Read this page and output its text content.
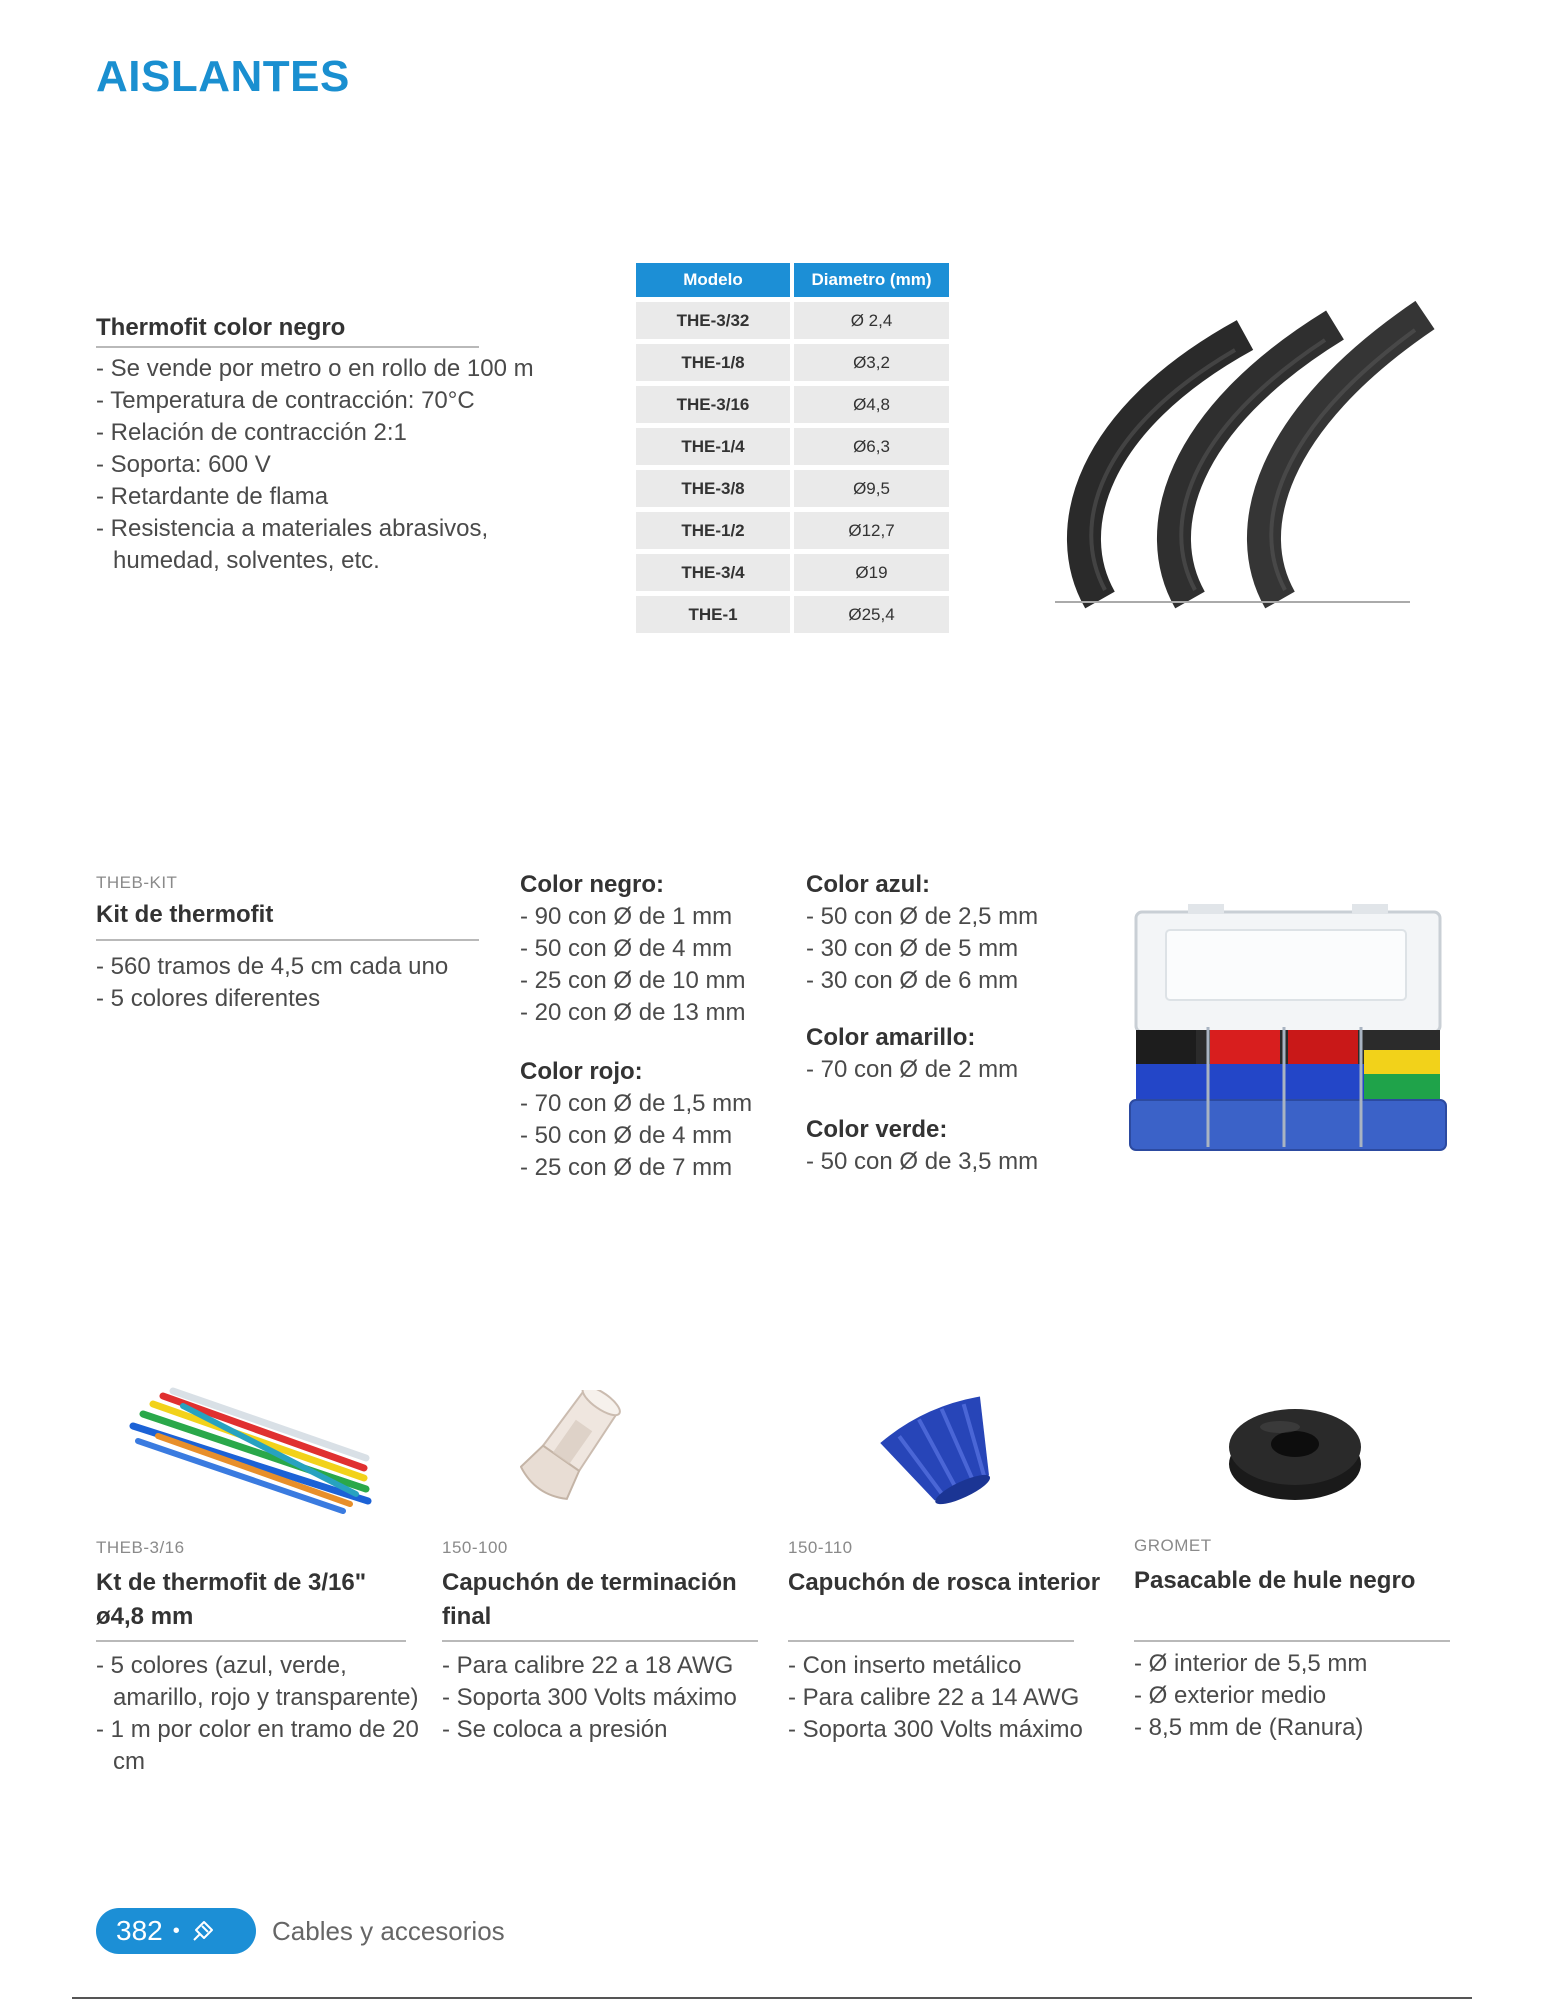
AISLANTES
Thermofit color negro
- Se vende por metro o en rollo de 100 m
- Temperatura de contracción: 70°C
- Relación de contracción 2:1
- Soporta: 600 V
- Retardante de flama
- Resistencia a materiales abrasivos, humedad, solventes, etc.
Modelo	Diametro (mm)
THE-3/32	Ø 2,4
THE-1/8	Ø3,2
THE-3/16	Ø4,8
THE-1/4	Ø6,3
THE-3/8	Ø9,5
THE-1/2	Ø12,7
THE-3/4	Ø19
THE-1	Ø25,4
THEB-KIT
Kit de thermofit
- 560 tramos de 4,5 cm cada uno
- 5 colores diferentes
Color negro:
- 90 con Ø de 1 mm
- 50 con Ø de 4 mm
- 25 con Ø de 10 mm
- 20 con Ø de 13 mm
Color rojo:
- 70 con Ø de 1,5 mm
- 50 con Ø de 4 mm
- 25 con Ø de 7 mm
Color azul:
- 50 con Ø de 2,5 mm
- 30 con Ø de 5 mm
- 30 con Ø de 6 mm
Color amarillo:
- 70 con Ø de 2 mm
Color verde:
- 50 con Ø de 3,5 mm
THEB-3/16
Kt de thermofit de 3/16" ø4,8 mm
- 5 colores (azul, verde, amarillo, rojo y transparente)
- 1 m por color en tramo de 20 cm
150-100
Capuchón de terminación final
- Para calibre 22 a 18 AWG
- Soporta 300 Volts máximo
- Se coloca a presión
150-110
Capuchón de rosca interior
- Con inserto metálico
- Para calibre 22 a 14 AWG
- Soporta 300 Volts máximo
GROMET
Pasacable de hule negro
- Ø interior de 5,5 mm
- Ø exterior medio
- 8,5 mm de (Ranura)
382 •	Cables y accesorios
